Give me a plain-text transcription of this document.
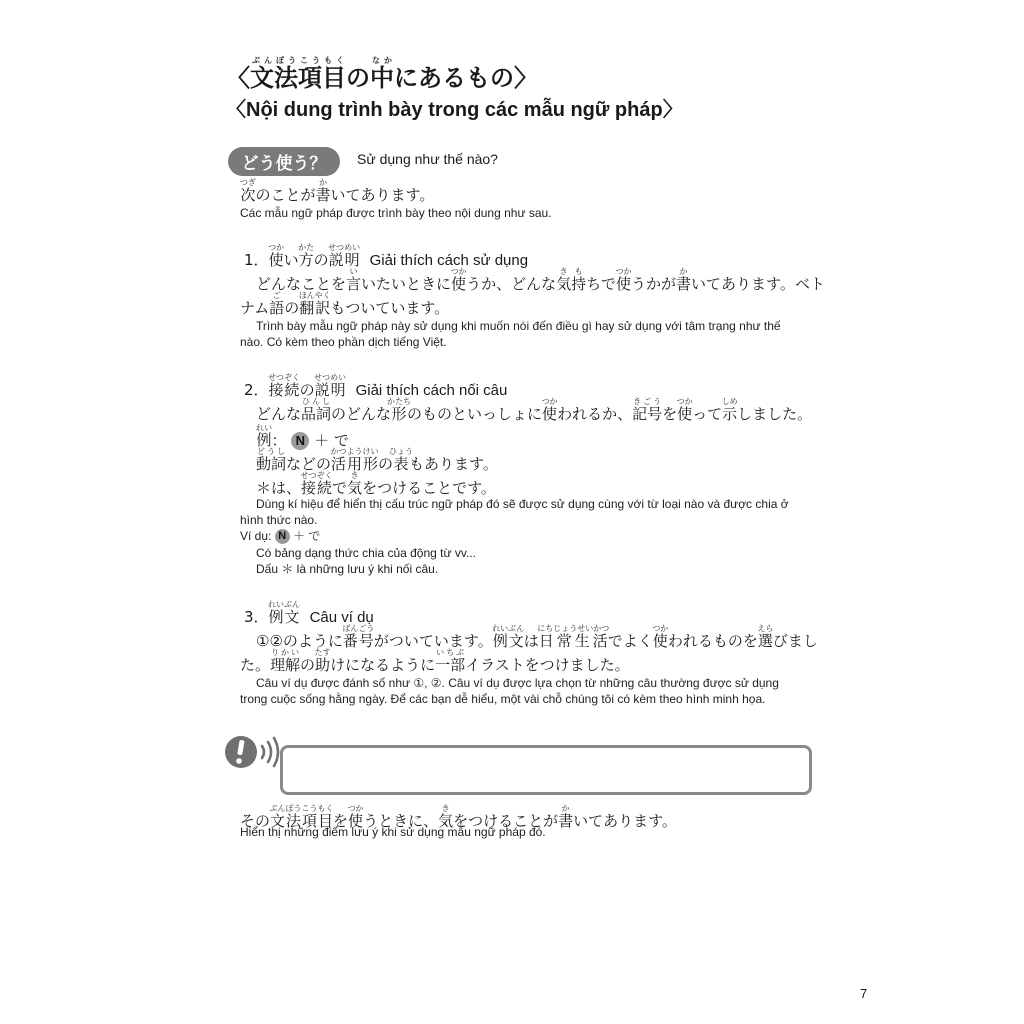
〈文ぶん法ぽう項こう目もくの中なかにあるもの〉
〈Nội dung trình bày trong các mẫu ngữ pháp〉
どう使う？	Sử dụng như thế nào?
次つぎのことが書かいてあります。
Các mẫu ngữ pháp được trình bày theo nội dung như sau.
1．使つかい方かたの説明せつめいGiải thích cách sử dụng
どんなことを言いいたいときに使つかうか、どんな気き持もちで使つかうかが書かいてあります。ベト
ナム語ごの翻訳ほんやくもついています。
Trình bày mẫu ngữ pháp này sử dụng khi muốn nói đến điều gì hay sử dụng với tâm trạng như thế
nào. Có kèm theo phần dịch tiếng Việt.
2．接続せつぞくの説明せつめいGiải thích cách nối câu
どんな品詞ひんしのどんな形かたちのものといっしょに使つかわれるか、記号きごうを使つかって示しめしました。
例れい： N ＋ で
動詞どうしなどの活用形かつようけいの表ひょうもあります。
＊は、接続せつぞくで気きをつけることです。
Dùng kí hiệu để hiển thị cấu trúc ngữ pháp đó sẽ được sử dụng cùng với từ loại nào và được chia ở
hình thức nào.
Ví dụ: N ＋ で
Có bảng dạng thức chia của động từ vv...
Dấu ＊ là những lưu ý khi nối câu.
3．例文れいぶんCâu ví dụ
①②のように番号ばんごうがついています。例文れいぶんは日常生活にちじょうせいかつでよく使つかわれるものを選えらびまし
た。理解りかいの助たすけになるように一部いちぶイラストをつけました。
Câu ví dụ được đánh số như ①, ②. Câu ví dụ được lựa chọn từ những câu thường được sử dụng
trong cuộc sống hằng ngày. Để các bạn dễ hiểu, một vài chỗ chúng tôi có kèm theo hình minh họa.
その文法項目ぶんぽうこうもくを使つかうときに、気きをつけることが書かいてあります。
Hiển thị những điểm lưu ý khi sử dụng mẫu ngữ pháp đó.
7
